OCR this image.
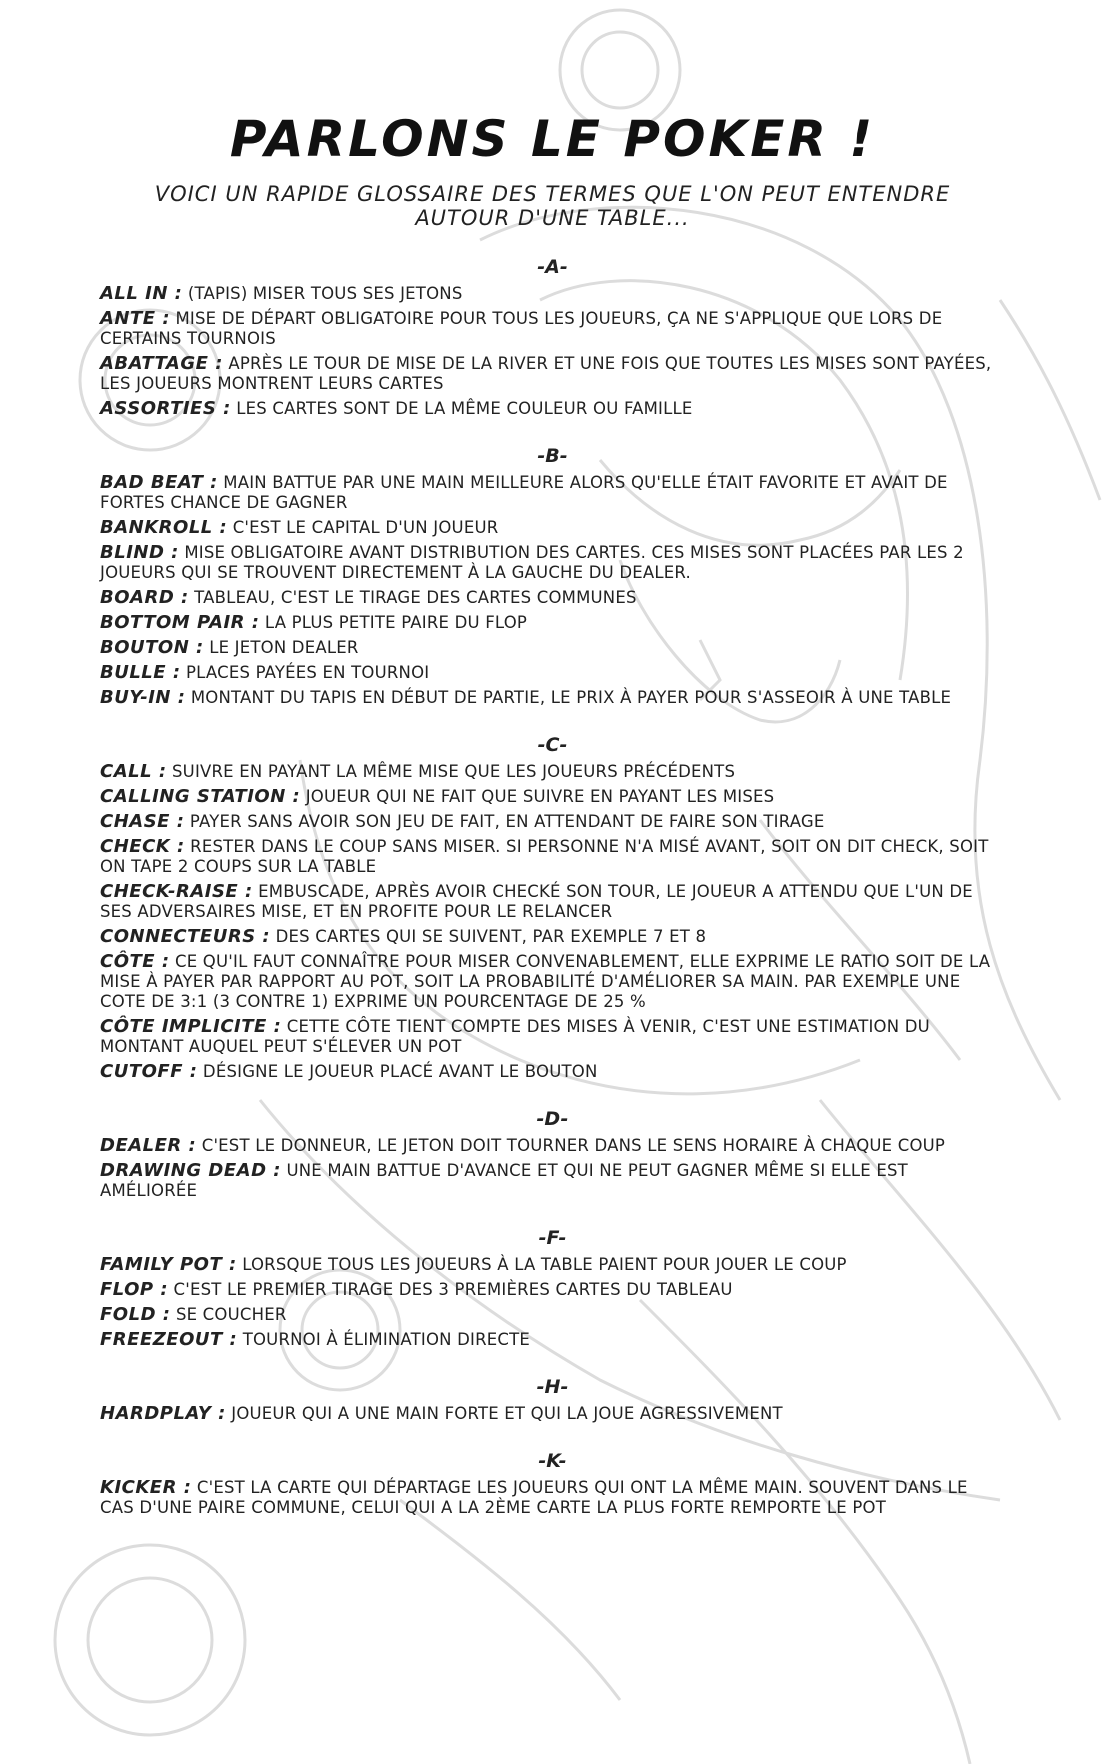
PARLONS LE POKER !
VOICI UN RAPIDE GLOSSAIRE DES TERMES QUE L'ON PEUT ENTENDRE AUTOUR D'UNE TABLE...
-A-
ALL IN : (TAPIS) MISER TOUS SES JETONS
ANTE : MISE DE DÉPART OBLIGATOIRE POUR TOUS LES JOUEURS, ÇA NE S'APPLIQUE QUE LORS DE CERTAINS TOURNOIS
ABATTAGE : APRÈS LE TOUR DE MISE DE LA RIVER ET UNE FOIS QUE TOUTES LES MISES SONT PAYÉES, LES JOUEURS MONTRENT LEURS CARTES
ASSORTIES : LES CARTES SONT DE LA MÊME COULEUR OU FAMILLE
-B-
BAD BEAT : MAIN BATTUE PAR UNE MAIN MEILLEURE ALORS QU'ELLE ÉTAIT FAVORITE ET AVAIT DE FORTES CHANCE DE GAGNER
BANKROLL : C'EST LE CAPITAL D'UN JOUEUR
BLIND : MISE OBLIGATOIRE AVANT DISTRIBUTION DES CARTES. CES MISES SONT PLACÉES PAR LES 2 JOUEURS QUI SE TROUVENT DIRECTEMENT À LA GAUCHE DU DEALER.
BOARD : TABLEAU, C'EST LE TIRAGE DES CARTES COMMUNES
BOTTOM PAIR : LA PLUS PETITE PAIRE DU FLOP
BOUTON : LE JETON DEALER
BULLE : PLACES PAYÉES EN TOURNOI
BUY-IN : MONTANT DU TAPIS EN DÉBUT DE PARTIE, LE PRIX À PAYER POUR S'ASSEOIR À UNE TABLE
-C-
CALL : SUIVRE EN PAYANT LA MÊME MISE QUE LES JOUEURS PRÉCÉDENTS
CALLING STATION : JOUEUR QUI NE FAIT QUE SUIVRE EN PAYANT LES MISES
CHASE : PAYER SANS AVOIR SON JEU DE FAIT, EN ATTENDANT DE FAIRE SON TIRAGE
CHECK : RESTER DANS LE COUP SANS MISER. SI PERSONNE N'A MISÉ AVANT, SOIT ON DIT CHECK, SOIT ON TAPE 2 COUPS SUR LA TABLE
CHECK-RAISE : EMBUSCADE, APRÈS AVOIR CHECKÉ SON TOUR, LE JOUEUR A ATTENDU QUE L'UN DE SES ADVERSAIRES MISE, ET EN PROFITE POUR LE RELANCER
CONNECTEURS : DES CARTES QUI SE SUIVENT, PAR EXEMPLE 7 ET 8
CÔTE : CE QU'IL FAUT CONNAÎTRE POUR MISER CONVENABLEMENT, ELLE EXPRIME LE RATIO SOIT DE LA MISE À PAYER PAR RAPPORT AU POT, SOIT LA PROBABILITÉ D'AMÉLIORER SA MAIN. PAR EXEMPLE UNE COTE DE 3:1 (3 CONTRE 1) EXPRIME UN POURCENTAGE DE 25 %
CÔTE IMPLICITE : CETTE CÔTE TIENT COMPTE DES MISES À VENIR, C'EST UNE ESTIMATION DU MONTANT AUQUEL PEUT S'ÉLEVER UN POT
CUTOFF : DÉSIGNE LE JOUEUR PLACÉ AVANT LE BOUTON
-D-
DEALER : C'EST LE DONNEUR, LE JETON DOIT TOURNER DANS LE SENS HORAIRE À CHAQUE COUP
DRAWING DEAD : UNE MAIN BATTUE D'AVANCE ET QUI NE PEUT GAGNER MÊME SI ELLE EST AMÉLIORÉE
-F-
FAMILY POT : LORSQUE TOUS LES JOUEURS À LA TABLE PAIENT POUR JOUER LE COUP
FLOP : C'EST LE PREMIER TIRAGE DES 3 PREMIÈRES CARTES DU TABLEAU
FOLD : SE COUCHER
FREEZEOUT : TOURNOI À ÉLIMINATION DIRECTE
-H-
HARDPLAY : JOUEUR QUI A UNE MAIN FORTE ET QUI LA JOUE AGRESSIVEMENT
-K-
KICKER : C'EST LA CARTE QUI DÉPARTAGE LES JOUEURS QUI ONT LA MÊME MAIN. SOUVENT DANS LE CAS D'UNE PAIRE COMMUNE, CELUI QUI A LA 2ÈME CARTE LA PLUS FORTE REMPORTE LE POT
